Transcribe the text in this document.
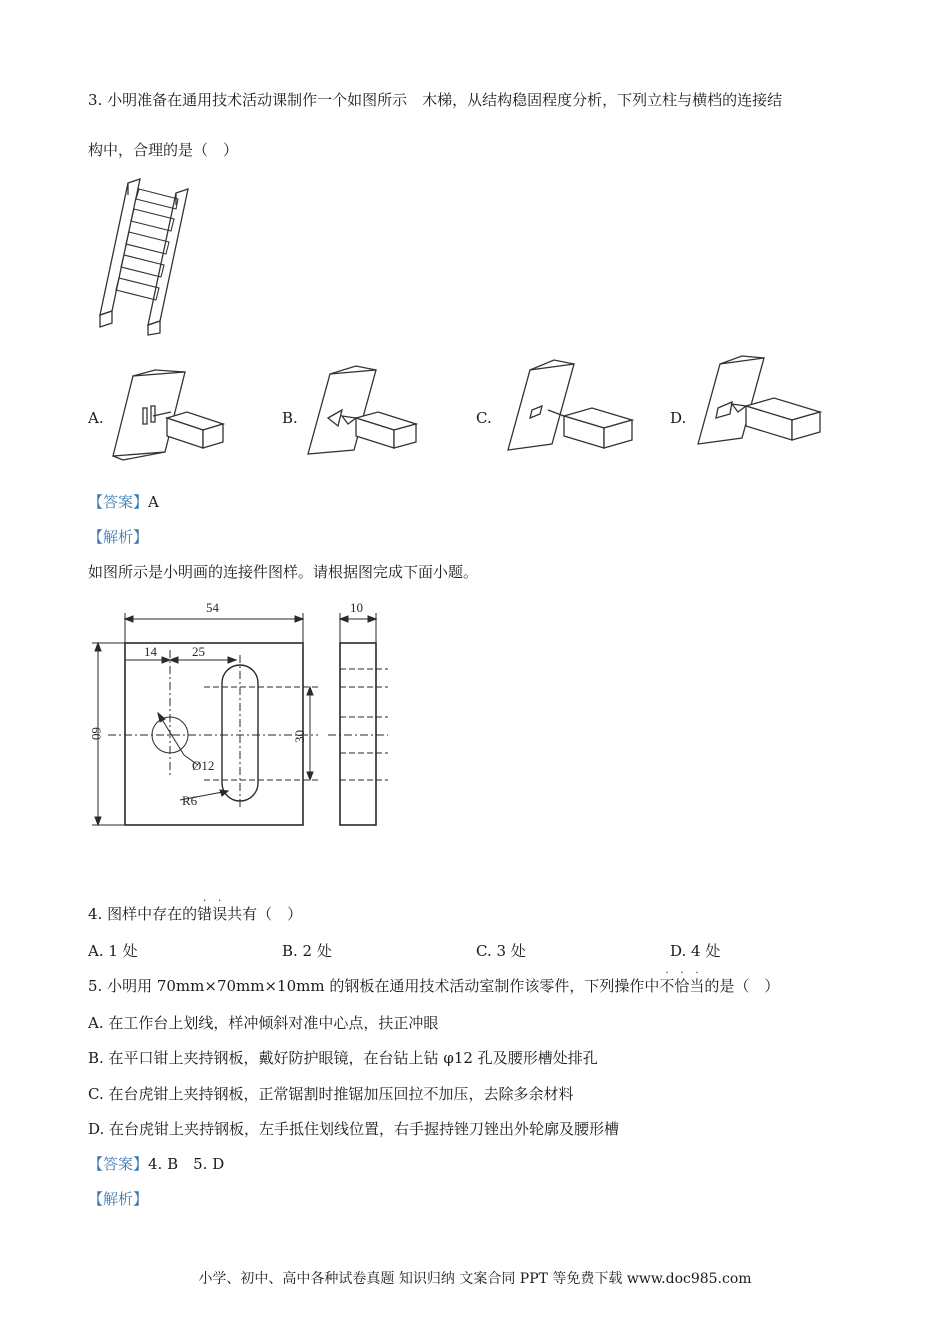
3. 小明准备在通用技术活动课制作一个如图所示　木梯，从结构稳固程度分析，下列立柱与横档的连接结
构中，合理的是（　）
A.	B.	C.	D.
【答案】A
【解析】
如图所示是小明画的连接件图样。请根据图完成下面小题。
54
14	25
Ø12
R6
10
30
60
4. 图样中存在的
·
错
·
误共有（　）
A. 1 处	B. 2 处	C. 3 处	D. 4 处
5. 小明用 70mm×70mm×10mm 的钢板在通用技术活动室制作该零件，下列操作中
·
不
·
恰
·
当的是（　）
A. 在工作台上划线，样冲倾斜对准中心点，扶正冲眼
B. 在平口钳上夹持钢板，戴好防护眼镜，在台钻上钻 φ12 孔及腰形槽处排孔
C. 在台虎钳上夹持钢板，正常锯割时推锯加压回拉不加压，去除多余材料
D. 在台虎钳上夹持钢板，左手抵住划线位置，右手握持锉刀锉出外轮廓及腰形槽
【答案】4. B　5. D
【解析】
小学、初中、高中各种试卷真题 知识归纳 文案合同 PPT 等免费下载 www.doc985.com
